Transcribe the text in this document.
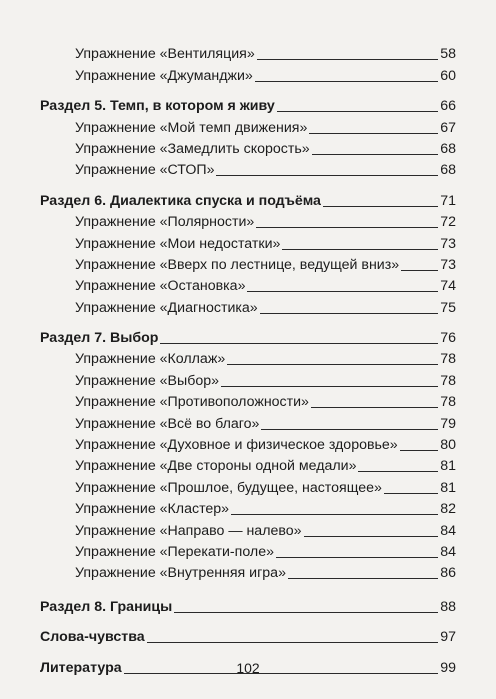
Упражнение «Вентиляция»	58
Упражнение «Джуманджи»	60
Раздел 5. Темп, в котором я живу	66
Упражнение «Мой темп движения»	67
Упражнение «Замедлить скорость»	68
Упражнение «СТОП»	68
Раздел 6. Диалектика спуска и подъёма	71
Упражнение «Полярности»	72
Упражнение «Мои недостатки»	73
Упражнение «Вверх по лестнице, ведущей вниз»	73
Упражнение «Остановка»	74
Упражнение «Диагностика»	75
Раздел 7. Выбор	76
Упражнение «Коллаж»	78
Упражнение «Выбор»	78
Упражнение «Противоположности»	78
Упражнение «Всё во благо»	79
Упражнение «Духовное и физическое здоровье»	80
Упражнение «Две стороны одной медали»	81
Упражнение «Прошлое, будущее, настоящее»	81
Упражнение «Кластер»	82
Упражнение «Направо — налево»	84
Упражнение «Перекати-поле»	84
Упражнение «Внутренняя игра»	86
Раздел 8. Границы	88
Слова-чувства	97
Литература	99
102
